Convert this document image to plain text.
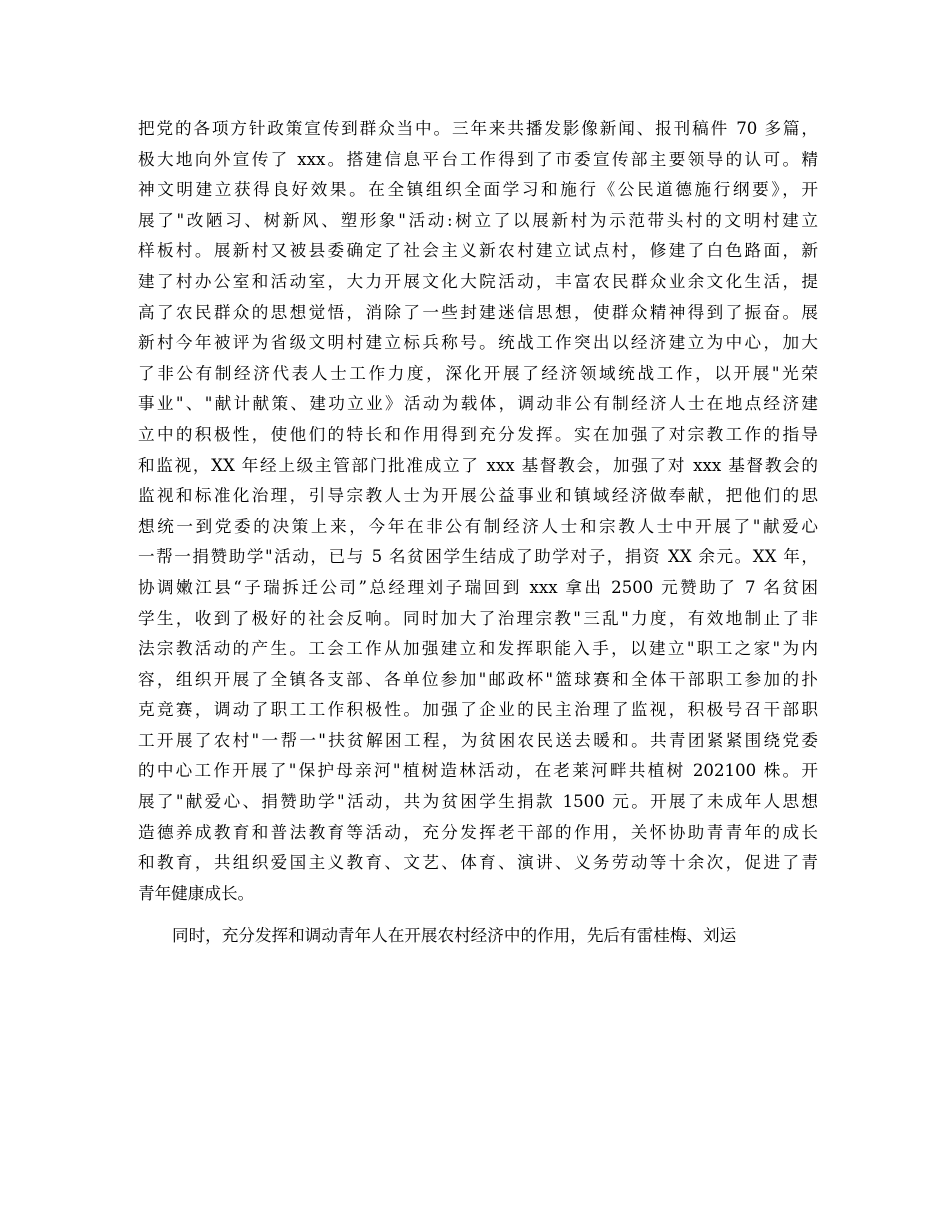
把党的各项方针政策宣传到群众当中。三年来共播发影像新闻、报刊稿件 70 多篇，
极大地向外宣传了 xxx。搭建信息平台工作得到了市委宣传部主要领导的认可。精
神文明建立获得良好效果。在全镇组织全面学习和施行《公民道德施行纲要》，开
展了"改陋习、树新风、塑形象"活动:树立了以展新村为示范带头村的文明村建立
样板村。展新村又被县委确定了社会主义新农村建立试点村，修建了白色路面，新
建了村办公室和活动室，大力开展文化大院活动，丰富农民群众业余文化生活，提
高了农民群众的思想觉悟，消除了一些封建迷信思想，使群众精神得到了振奋。展
新村今年被评为省级文明村建立标兵称号。统战工作突出以经济建立为中心，加大
了非公有制经济代表人士工作力度，深化开展了经济领域统战工作，以开展"光荣
事业"、"献计献策、建功立业》活动为载体，调动非公有制经济人士在地点经济建
立中的积极性，使他们的特长和作用得到充分发挥。实在加强了对宗教工作的指导
和监视，XX 年经上级主管部门批准成立了 xxx 基督教会，加强了对 xxx 基督教会的
监视和标准化治理，引导宗教人士为开展公益事业和镇域经济做奉献，把他们的思
想统一到党委的决策上来，今年在非公有制经济人士和宗教人士中开展了"献爱心
一帮一捐赞助学"活动，已与 5 名贫困学生结成了助学对子，捐资 XX 余元。XX 年，
协调嫩江县“子瑞拆迁公司”总经理刘子瑞回到 xxx 拿出 2500 元赞助了 7 名贫困
学生，收到了极好的社会反响。同时加大了治理宗教"三乱"力度，有效地制止了非
法宗教活动的产生。工会工作从加强建立和发挥职能入手，以建立"职工之家"为内
容，组织开展了全镇各支部、各单位参加"邮政杯"篮球赛和全体干部职工参加的扑
克竞赛，调动了职工工作积极性。加强了企业的民主治理了监视，积极号召干部职
工开展了农村"一帮一"扶贫解困工程，为贫困农民送去暖和。共青团紧紧围绕党委
的中心工作开展了"保护母亲河"植树造林活动，在老莱河畔共植树 202100 株。开
展了"献爱心、捐赞助学"活动，共为贫困学生捐款 1500 元。开展了未成年人思想
造德养成教育和普法教育等活动，充分发挥老干部的作用，关怀协助青青年的成长
和教育，共组织爱国主义教育、文艺、体育、演讲、义务劳动等十余次，促进了青
青年健康成长。
同时，充分发挥和调动青年人在开展农村经济中的作用，先后有雷桂梅、刘运
